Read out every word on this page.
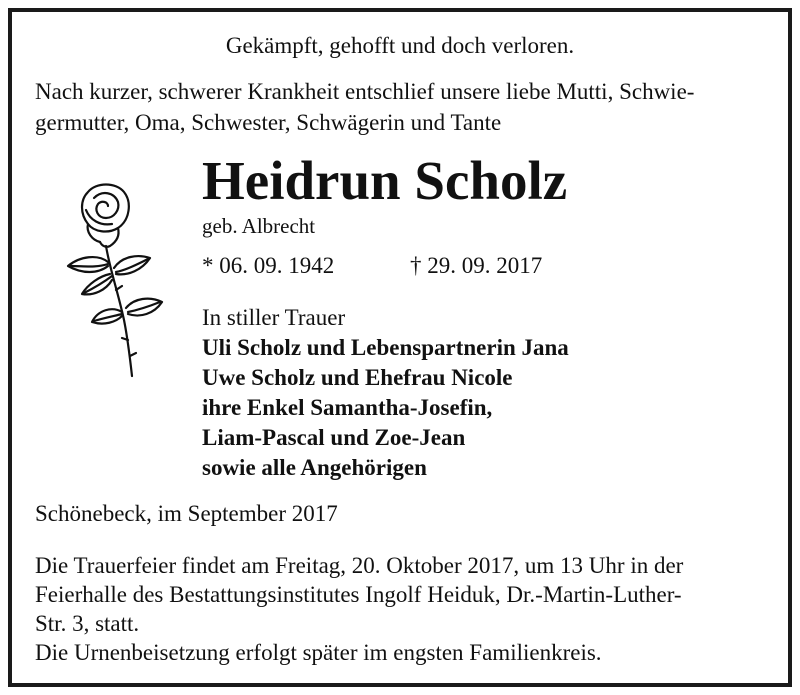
Gekämpft, gehofft und doch verloren.
Nach kurzer, schwerer Krankheit entschlief unsere liebe Mutti, Schwie-
germutter, Oma, Schwester, Schwägerin und Tante
Heidrun Scholz
geb. Albrecht
* 06. 09. 1942	† 29. 09. 2017
In stiller Trauer
Uli Scholz und Lebenspartnerin Jana
Uwe Scholz und Ehefrau Nicole
ihre Enkel Samantha-Josefin,
Liam-Pascal und Zoe-Jean
sowie alle Angehörigen
Schönebeck, im September 2017
Die Trauerfeier findet am Freitag, 20. Oktober 2017, um 13 Uhr in der
Feierhalle des Bestattungsinstitutes Ingolf Heiduk, Dr.-Martin-Luther-
Str. 3, statt.
Die Urnenbeisetzung erfolgt später im engsten Familienkreis.
